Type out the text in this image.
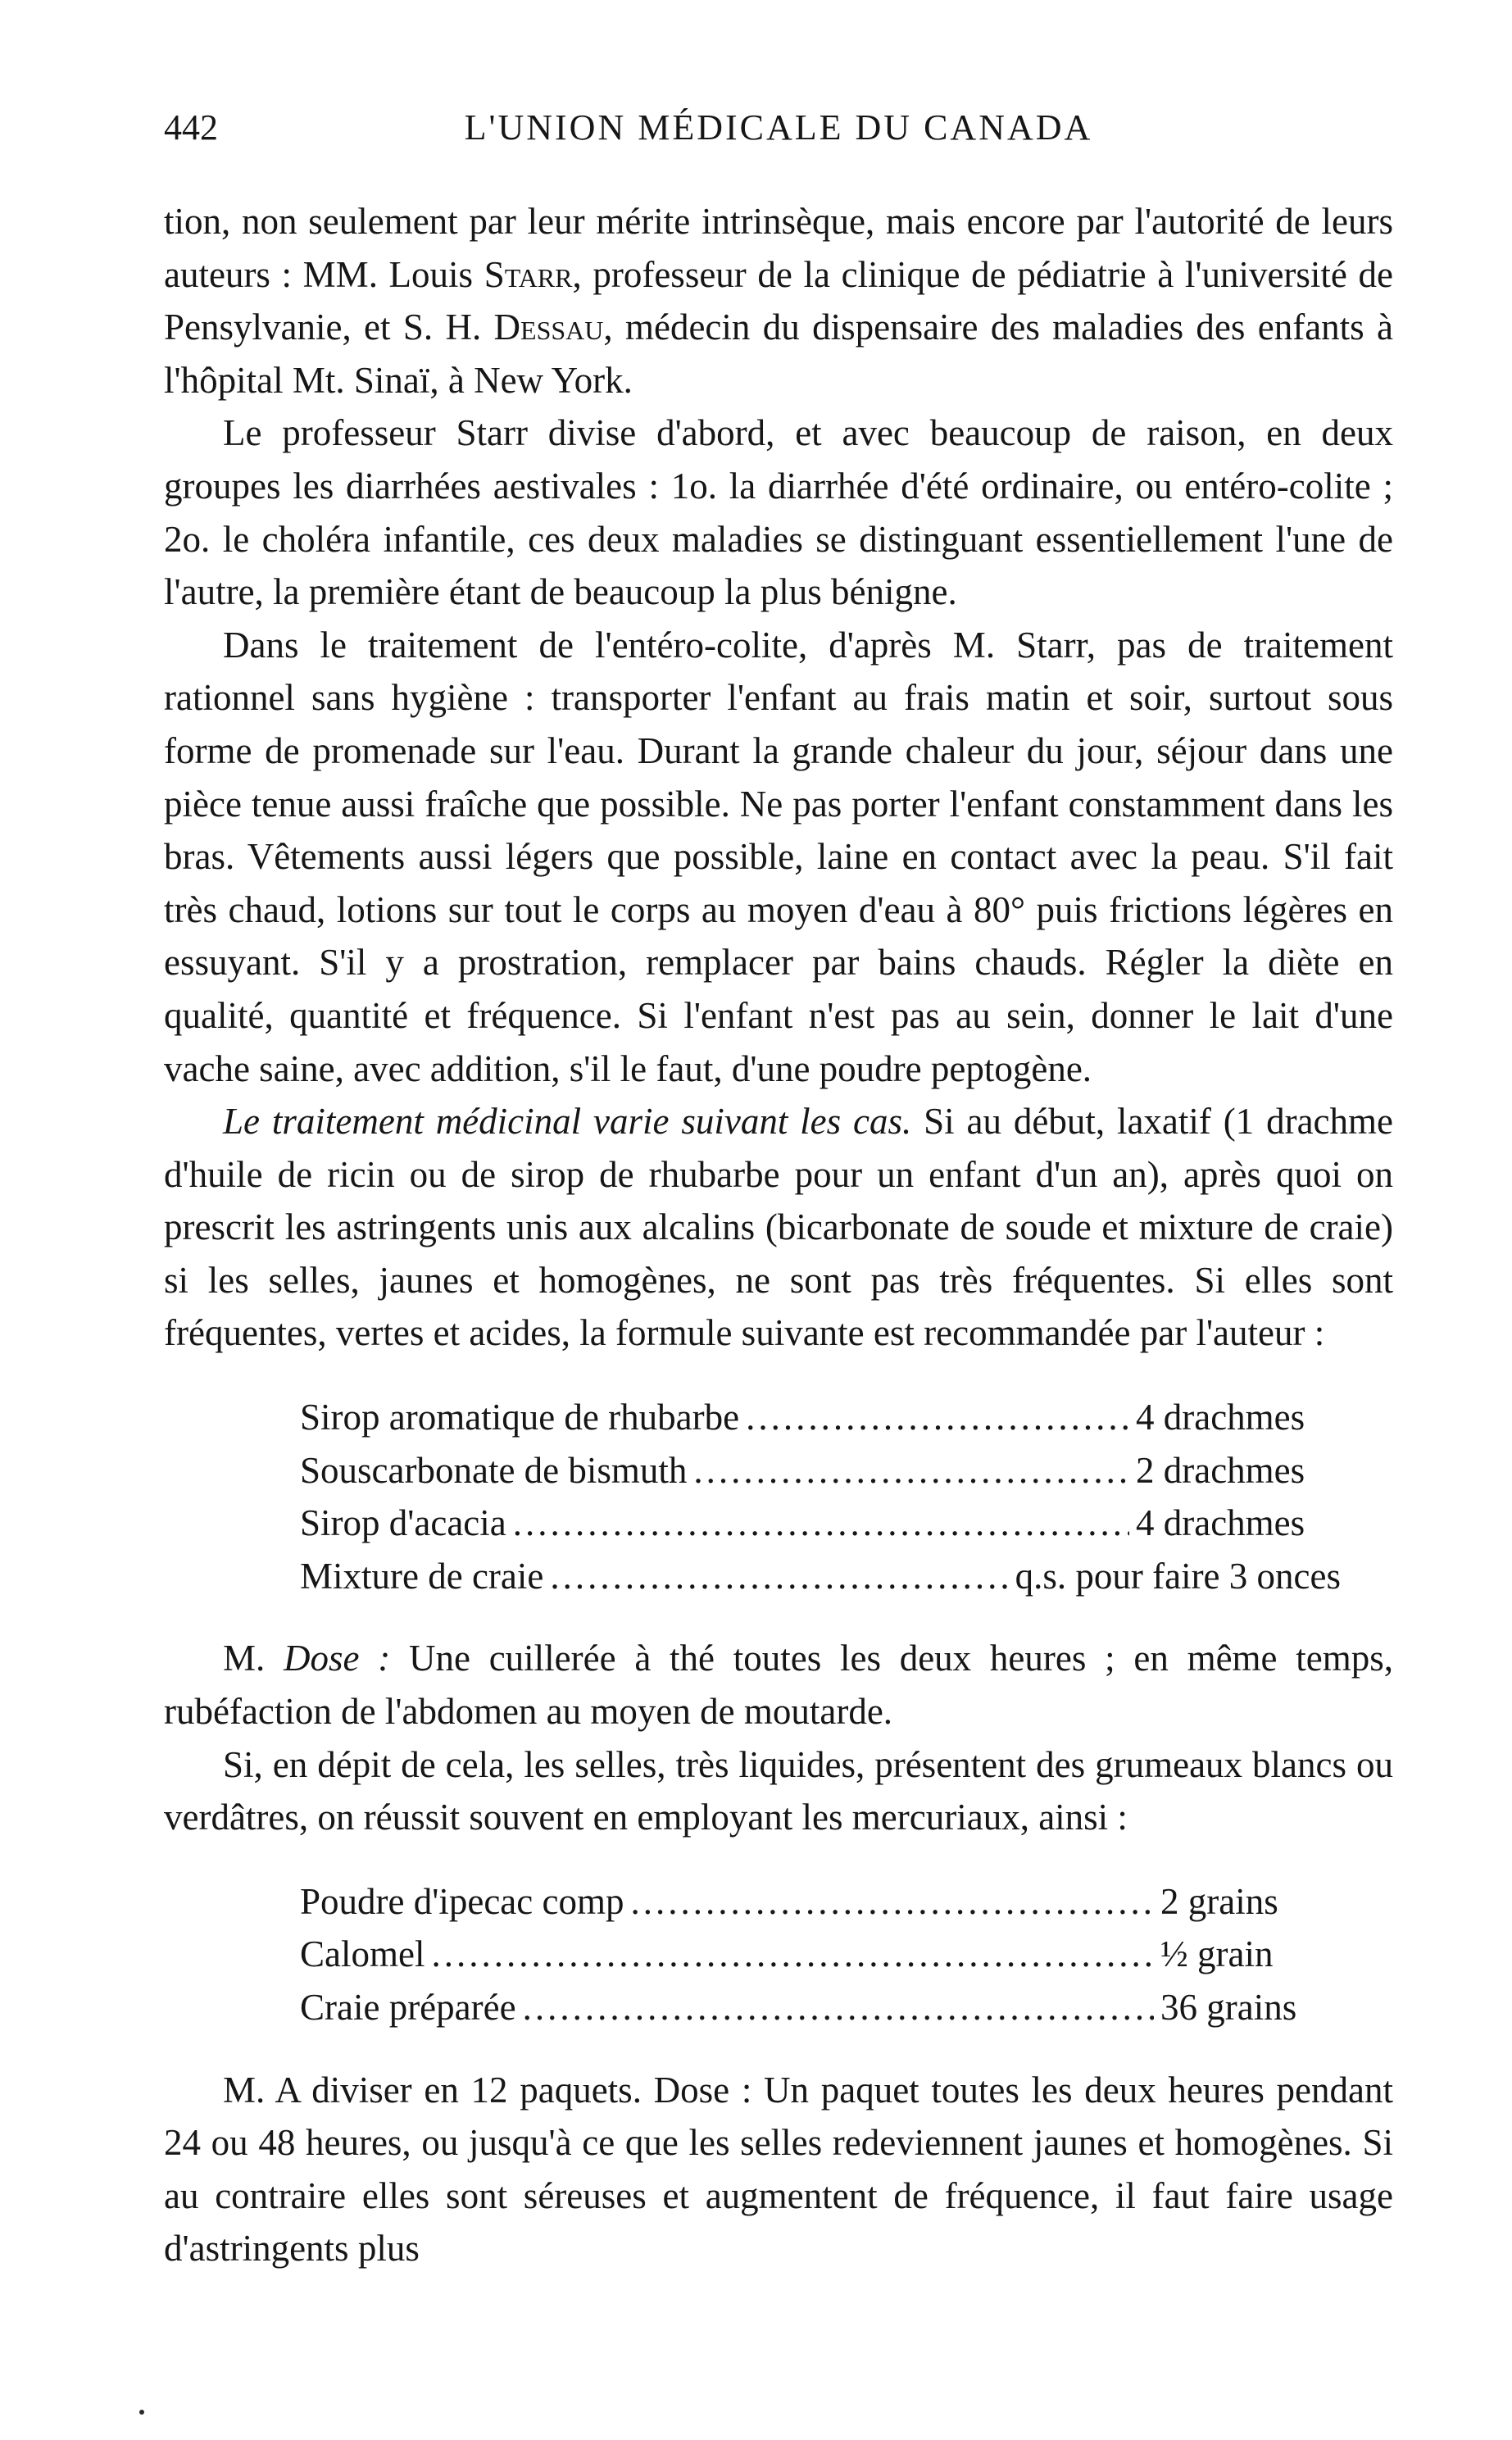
442	L'UNION MÉDICALE DU CANADA

tion, non seulement par leur mérite intrinsèque, mais encore par l'autorité de leurs auteurs : MM. Louis Starr, professeur de la clinique de pédiatrie à l'université de Pensylvanie, et S. H. Dessau, médecin du dispensaire des maladies des enfants à l'hôpital Mt. Sinaï, à New York.

Le professeur Starr divise d'abord, et avec beaucoup de raison, en deux groupes les diarrhées aestivales : 1o. la diarrhée d'été ordinaire, ou entéro-colite ; 2o. le choléra infantile, ces deux maladies se distinguant essentiellement l'une de l'autre, la première étant de beaucoup la plus bénigne.

Dans le traitement de l'entéro-colite, d'après M. Starr, pas de traitement rationnel sans hygiène : transporter l'enfant au frais matin et soir, surtout sous forme de promenade sur l'eau. Durant la grande chaleur du jour, séjour dans une pièce tenue aussi fraîche que possible. Ne pas porter l'enfant constamment dans les bras. Vêtements aussi légers que possible, laine en contact avec la peau. S'il fait très chaud, lotions sur tout le corps au moyen d'eau à 80° puis frictions légères en essuyant. S'il y a prostration, remplacer par bains chauds. Régler la diète en qualité, quantité et fréquence. Si l'enfant n'est pas au sein, donner le lait d'une vache saine, avec addition, s'il le faut, d'une poudre peptogène.

Le traitement médicinal varie suivant les cas. Si au début, laxatif (1 drachme d'huile de ricin ou de sirop de rhubarbe pour un enfant d'un an), après quoi on prescrit les astringents unis aux alcalins (bicarbonate de soude et mixture de craie) si les selles, jaunes et homogènes, ne sont pas très fréquentes. Si elles sont fréquentes, vertes et acides, la formule suivante est recommandée par l'auteur :

Sirop aromatique de rhubarbe .....	4 drachmes
Souscarbonate de bismuth .....	2 drachmes
Sirop d'acacia .....	4 drachmes
Mixture de craie .....	q.s. pour faire 3 onces

M. Dose : Une cuillerée à thé toutes les deux heures ; en même temps, rubéfaction de l'abdomen au moyen de moutarde.

Si, en dépit de cela, les selles, très liquides, présentent des grumeaux blancs ou verdâtres, on réussit souvent en employant les mercuriaux, ainsi :

Poudre d'ipecac comp .....	2 grains
Calomel .....	½ grain
Craie préparée .....	36 grains

M. A diviser en 12 paquets. Dose : Un paquet toutes les deux heures pendant 24 ou 48 heures, ou jusqu'à ce que les selles redeviennent jaunes et homogènes. Si au contraire elles sont séreuses et augmentent de fréquence, il faut faire usage d'astringents plus
